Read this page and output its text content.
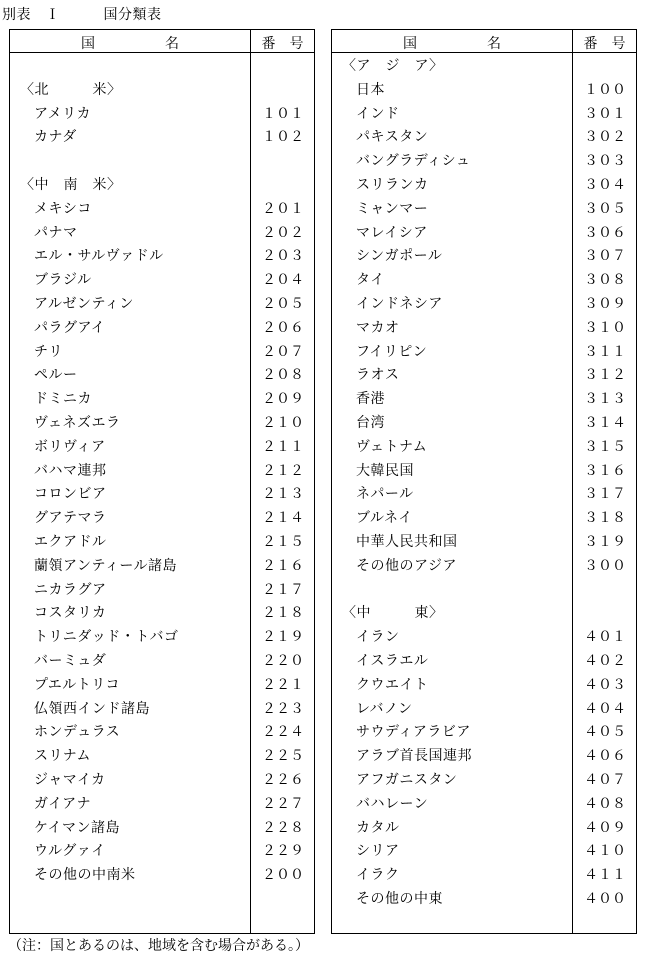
別表　Ｉ　　　国分類表
国　　　　　名	番　号
〈北　　　米〉
アメリカ	１０１
カナダ	１０２
〈中　南　米〉
メキシコ	２０１
パナマ	２０２
エル・サルヴァドル	２０３
ブラジル	２０４
アルゼンティン	２０５
パラグアイ	２０６
チリ	２０７
ペルー	２０８
ドミニカ	２０９
ヴェネズエラ	２１０
ボリヴィア	２１１
バハマ連邦	２１２
コロンビア	２１３
グアテマラ	２１４
エクアドル	２１５
蘭領アンティール諸島	２１６
ニカラグア	２１７
コスタリカ	２１８
トリニダッド・トバゴ	２１９
バーミュダ	２２０
プエルトリコ	２２１
仏領西インド諸島	２２３
ホンデュラス	２２４
スリナム	２２５
ジャマイカ	２２６
ガイアナ	２２７
ケイマン諸島	２２８
ウルグァイ	２２９
その他の中南米	２００
国　　　　　名	番　号
〈ア　ジ　ア〉
日本	１００
インド	３０１
パキスタン	３０２
バングラディシュ	３０３
スリランカ	３０４
ミャンマー	３０５
マレイシア	３０６
シンガポール	３０７
タイ	３０８
インドネシア	３０９
マカオ	３１０
フイリピン	３１１
ラオス	３１２
香港	３１３
台湾	３１４
ヴェトナム	３１５
大韓民国	３１６
ネパール	３１７
ブルネイ	３１８
中華人民共和国	３１９
その他のアジア	３００
〈中　　　東〉
イラン	４０１
イスラエル	４０２
クウエイト	４０３
レバノン	４０４
サウディアラビア	４０５
アラブ首長国連邦	４０６
アフガニスタン	４０７
バハレーン	４０８
カタル	４０９
シリア	４１０
イラク	４１１
その他の中東	４００
（注：国とあるのは、地域を含む場合がある。）
